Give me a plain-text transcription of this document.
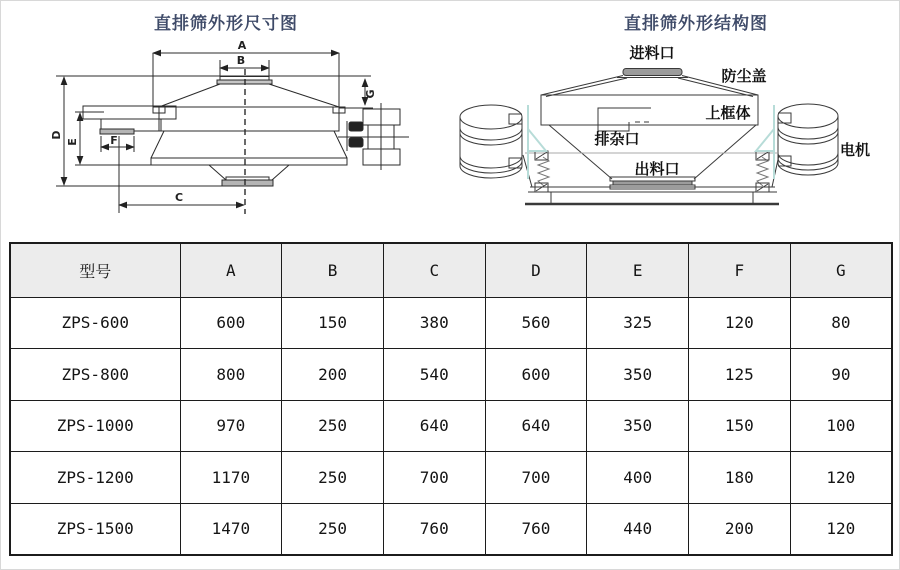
直排筛外形尺寸图
A
B
C
D
E	F
G
直排筛外形结构图
进料口
防尘盖
上框体
排杂口
出料口
电机
型号	A	B	C	D	E	F	G
ZPS-600	600	150	380	560	325	120	80
ZPS-800	800	200	540	600	350	125	90
ZPS-1000	970	250	640	640	350	150	100
ZPS-1200	1170	250	700	700	400	180	120
ZPS-1500	1470	250	760	760	440	200	120
